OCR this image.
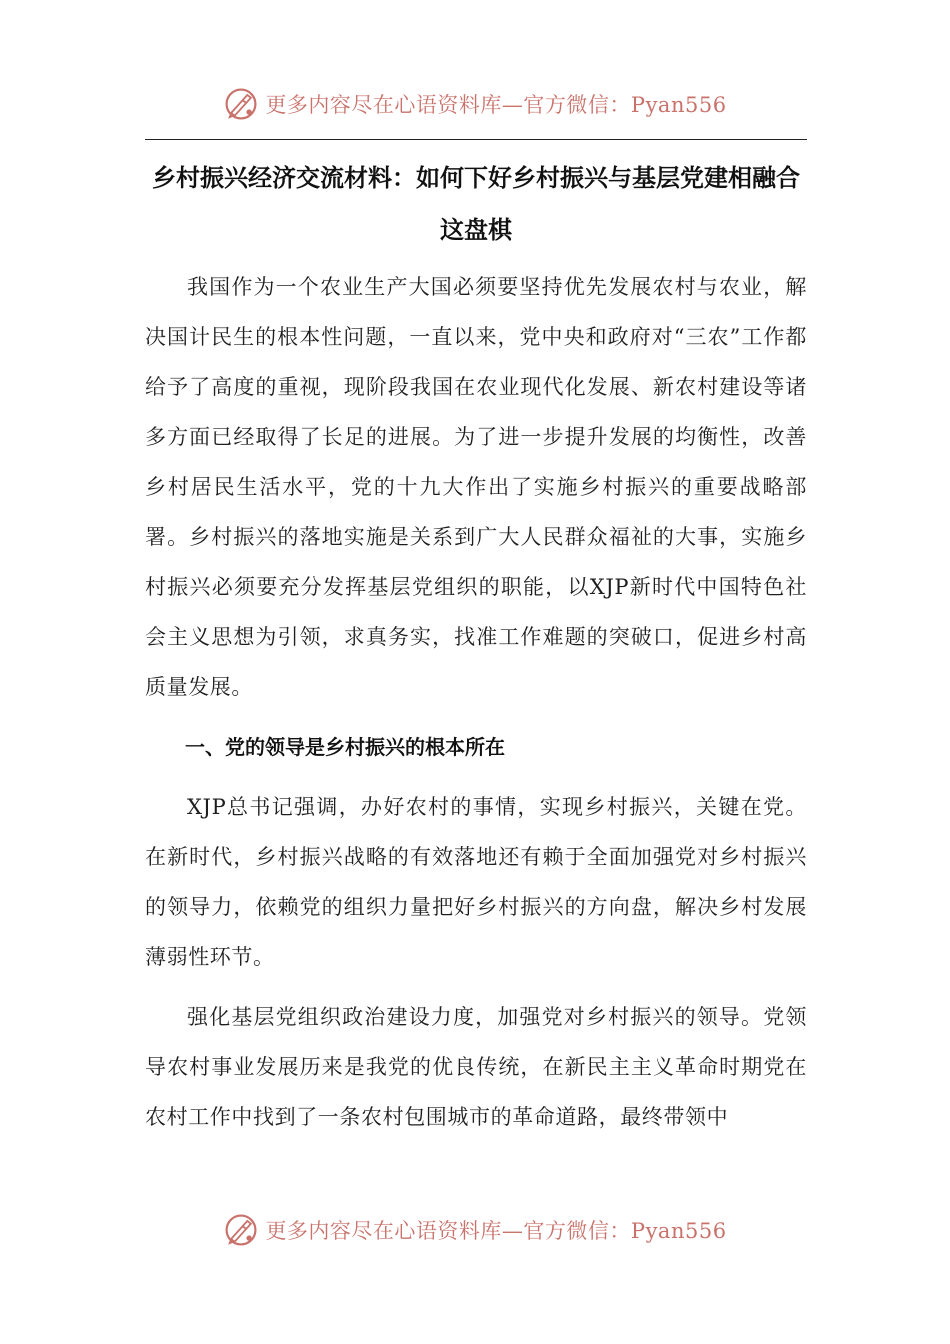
更多内容尽在心语资料库—官方微信：Pyan556
乡村振兴经济交流材料：如何下好乡村振兴与基层党建相融合这盘棋

我国作为一个农业生产大国必须要坚持优先发展农村与农业，解决国计民生的根本性问题，一直以来，党中央和政府对“三农”工作都给予了高度的重视，现阶段我国在农业现代化发展、新农村建设等诸多方面已经取得了长足的进展。为了进一步提升发展的均衡性，改善乡村居民生活水平，党的十九大作出了实施乡村振兴的重要战略部署。乡村振兴的落地实施是关系到广大人民群众福祉的大事，实施乡村振兴必须要充分发挥基层党组织的职能，以XJP新时代中国特色社会主义思想为引领，求真务实，找准工作难题的突破口，促进乡村高质量发展。

一、党的领导是乡村振兴的根本所在

XJP总书记强调，办好农村的事情，实现乡村振兴，关键在党。在新时代，乡村振兴战略的有效落地还有赖于全面加强党对乡村振兴的领导力，依赖党的组织力量把好乡村振兴的方向盘，解决乡村发展薄弱性环节。

强化基层党组织政治建设力度，加强党对乡村振兴的领导。党领导农村事业发展历来是我党的优良传统，在新民主主义革命时期党在农村工作中找到了一条农村包围城市的革命道路，最终带领中

更多内容尽在心语资料库—官方微信：Pyan556
